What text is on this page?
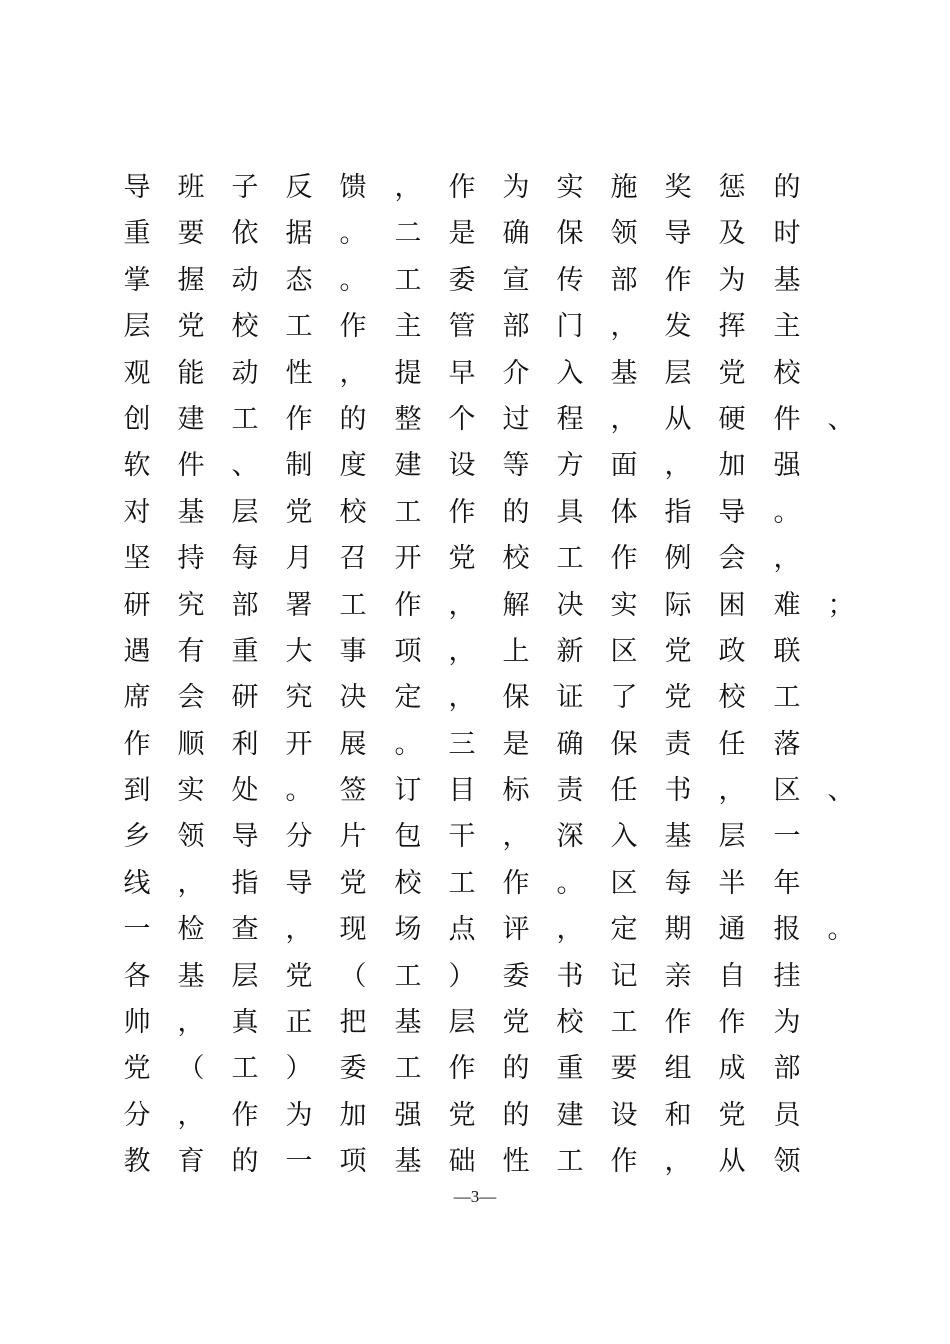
导 班 子 反 馈 ， 作 为 实 施 奖 惩 的
重 要 依 据 。 二 是 确 保 领 导 及 时
掌 握 动 态 。 工 委 宣 传 部 作 为 基
层 党 校 工 作 主 管 部 门 ， 发 挥 主
观 能 动 性 ， 提 早 介 入 基 层 党 校
创 建 工 作 的 整 个 过 程 ， 从 硬 件 、
软 件 、 制 度 建 设 等 方 面 ， 加 强
对 基 层 党 校 工 作 的 具 体 指 导 。
坚 持 每 月 召 开 党 校 工 作 例 会 ，
研 究 部 署 工 作 ， 解 决 实 际 困 难 ；
遇 有 重 大 事 项 ， 上 新 区 党 政 联
席 会 研 究 决 定 ， 保 证 了 党 校 工
作 顺 利 开 展 。 三 是 确 保 责 任 落
到 实 处 。 签 订 目 标 责 任 书 ， 区 、
乡 领 导 分 片 包 干 ， 深 入 基 层 一
线 ， 指 导 党 校 工 作 。 区 每 半 年
一 检 查 ， 现 场 点 评 ， 定 期 通 报 。
各 基 层 党 （ 工 ） 委 书 记 亲 自 挂
帅 ， 真 正 把 基 层 党 校 工 作 作 为
党 （ 工 ） 委 工 作 的 重 要 组 成 部
分 ， 作 为 加 强 党 的 建 设 和 党 员
教 育 的 一 项 基 础 性 工 作 ， 从 领
—3—
